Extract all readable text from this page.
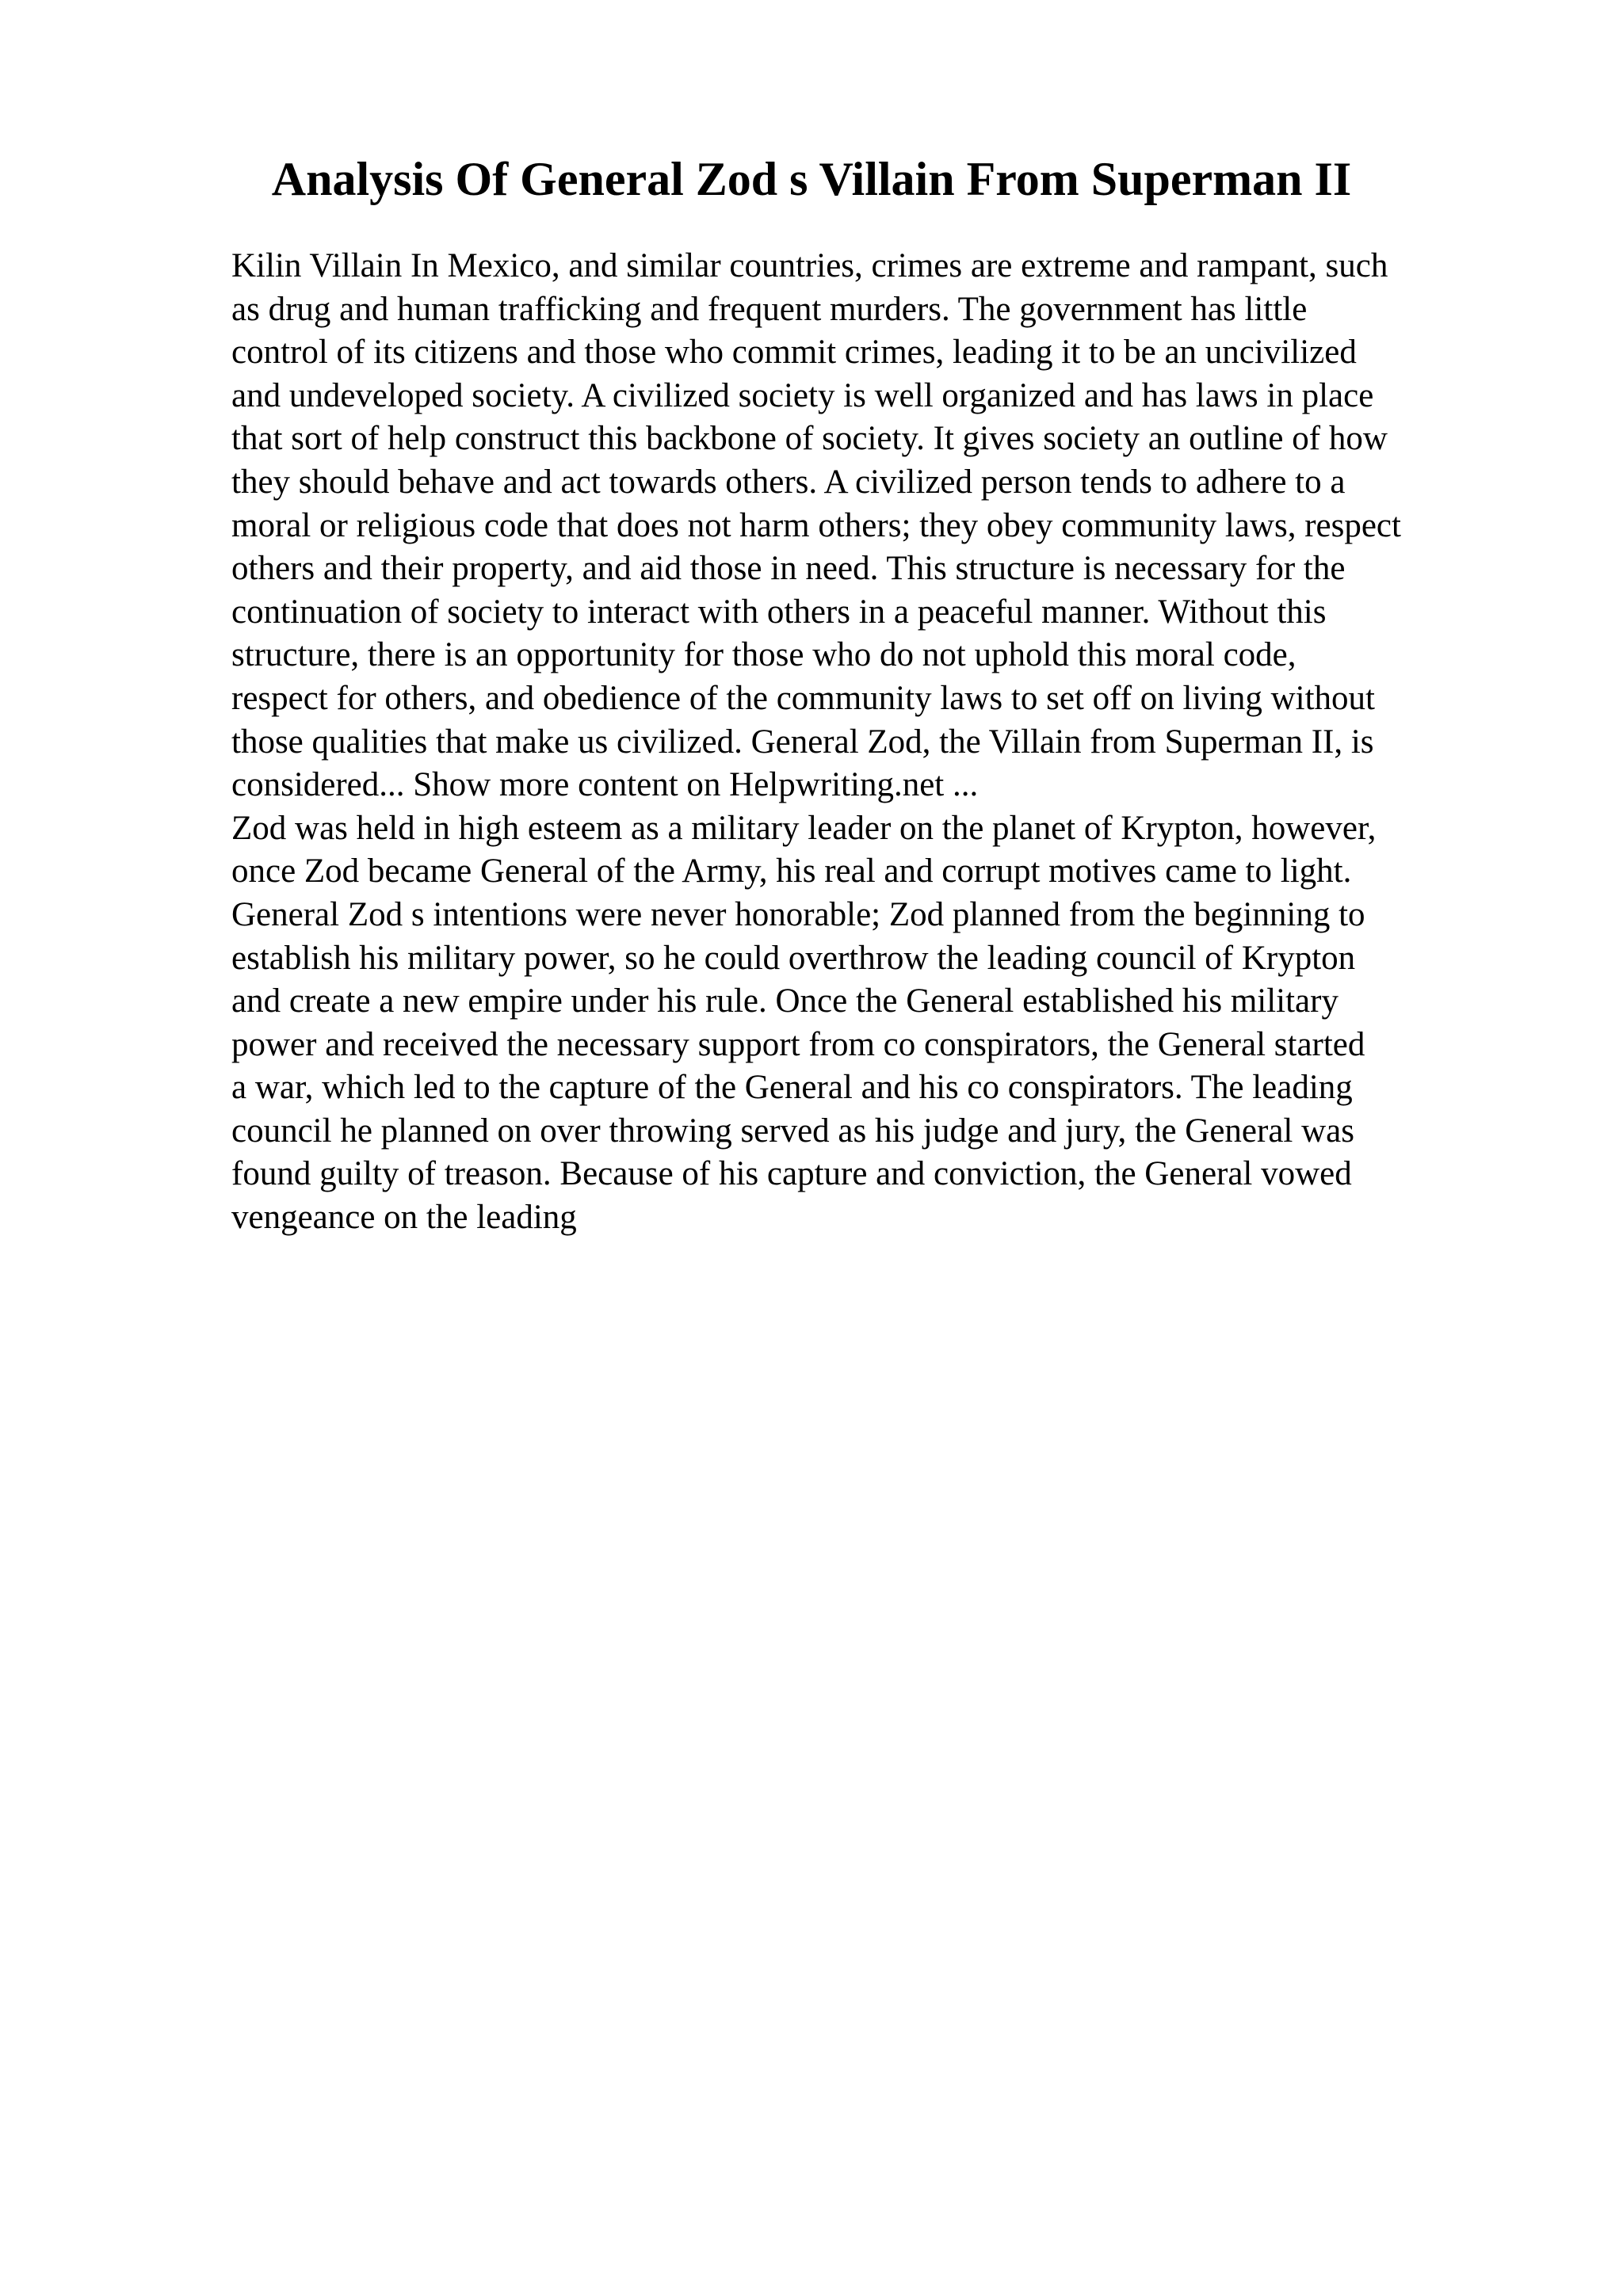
Analysis Of General Zod s Villain From Superman II

Kilin Villain In Mexico, and similar countries, crimes are extreme and rampant, such
as drug and human trafficking and frequent murders. The government has little
control of its citizens and those who commit crimes, leading it to be an uncivilized
and undeveloped society. A civilized society is well organized and has laws in place
that sort of help construct this backbone of society. It gives society an outline of how
they should behave and act towards others. A civilized person tends to adhere to a
moral or religious code that does not harm others; they obey community laws, respect
others and their property, and aid those in need. This structure is necessary for the
continuation of society to interact with others in a peaceful manner. Without this
structure, there is an opportunity for those who do not uphold this moral code,
respect for others, and obedience of the community laws to set off on living without
those qualities that make us civilized. General Zod, the Villain from Superman II, is
considered... Show more content on Helpwriting.net ...

Zod was held in high esteem as a military leader on the planet of Krypton, however,
once Zod became General of the Army, his real and corrupt motives came to light.
General Zod s intentions were never honorable; Zod planned from the beginning to
establish his military power, so he could overthrow the leading council of Krypton
and create a new empire under his rule. Once the General established his military
power and received the necessary support from co conspirators, the General started
a war, which led to the capture of the General and his co conspirators. The leading
council he planned on over throwing served as his judge and jury, the General was
found guilty of treason. Because of his capture and conviction, the General vowed
vengeance on the leading
